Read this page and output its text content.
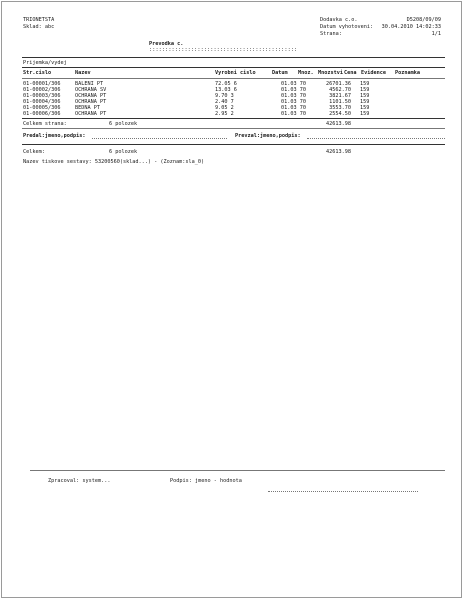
TRIONETSTA
Sklad: abc
Dodavka c.o.
Datum vyhotoveni:
Strana:
D5208/09/09
30.04.2010 14:02:33
1/1
Prevodka c.
::::::::::::::::::::::::::::::::::::::::::::::
Prijemka/vydej
Str.cislo	Nazev	Vyrobni cislo	Datum Mnoz. Mnozstvi Cena Evidence Poznamka
01-00001/306	BALENI PT	72.05 6	01.03 70	26701.36 159
01-00002/306	OCHRANA SV	13.03 6	01.03 70	4562.70 159
01-00003/306	OCHRANA PT	9.70 3	01.03 70	3821.67 159
01-00004/306	OCHRANA PT	2.40 7	01.03 70	1101.50 159
01-00005/306	BEDNA PT	9.05 2	01.03 70	3553.70 159
01-00006/306	OCHRANA PT	2.95 2	01.03 70	2554.50 159
Celkem strana:	6 polozek	42613.98
Predal:jmeno,podpis:	Prevzal:jmeno,podpis:
Celkem:	6 polozek	42613.98
Nazev tiskove sestavy: 53200560(sklad...) - (Zoznam:sla_0)
Zpracoval: system...	Podpis: jmeno - hodnota
